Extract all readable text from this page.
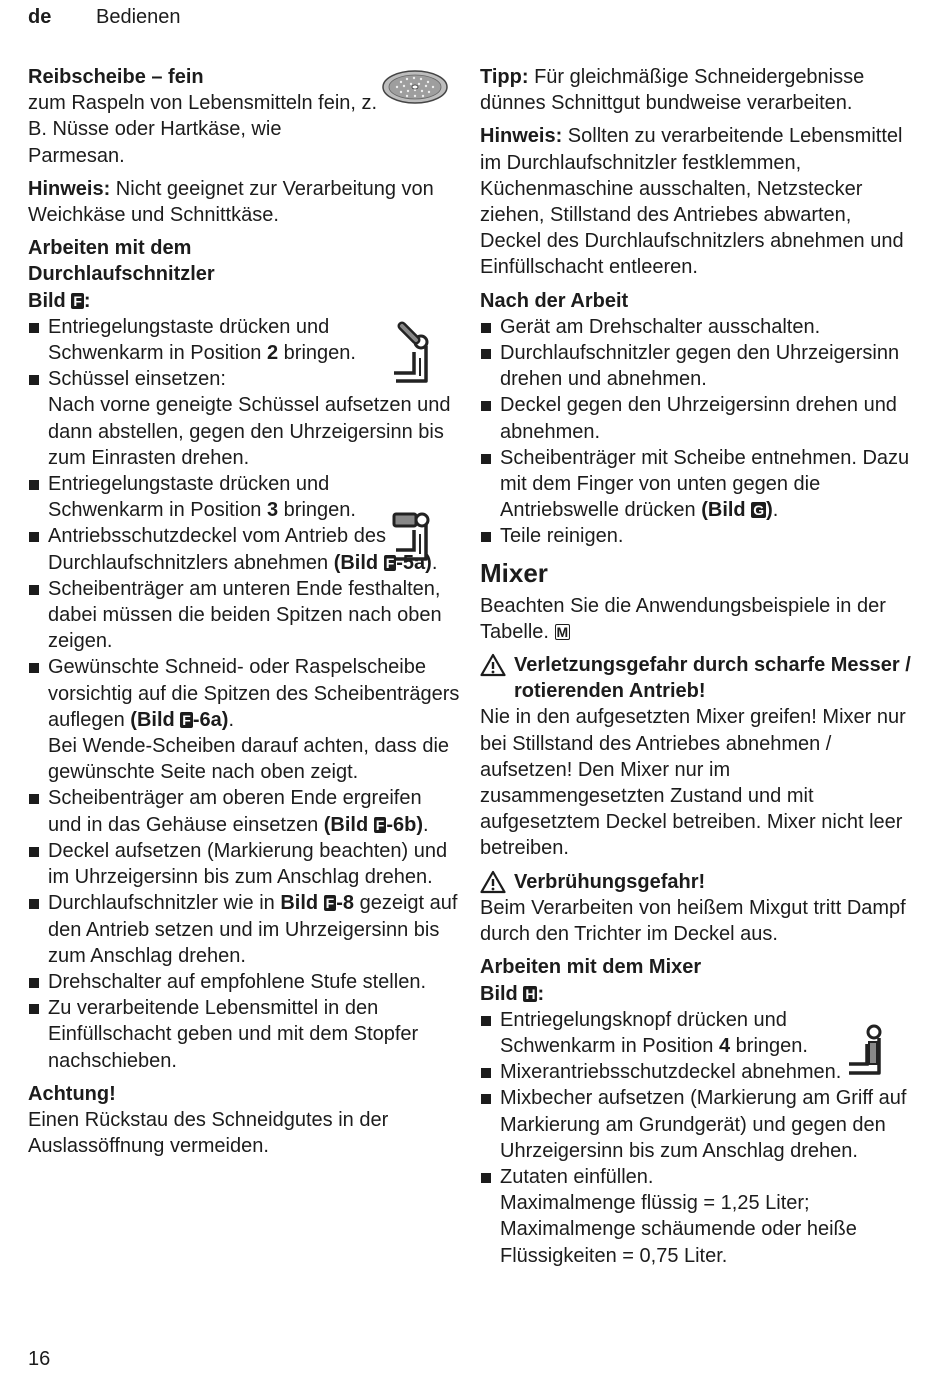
de Bedienen

Reibscheibe – fein
zum Raspeln von Lebensmitteln fein, z. B. Nüsse oder Hartkäse, wie Parmesan.

Hinweis: Nicht geeignet zur Verarbeitung von Weichkäse und Schnittkäse.

Arbeiten mit dem
Durchlaufschnitzler
Bild F :

Entriegelungstaste drücken und Schwenkarm in Position 2 bringen.
Schüssel einsetzen:
Nach vorne geneigte Schüssel aufsetzen und dann abstellen, gegen den Uhrzeigersinn bis zum Einrasten drehen.
Entriegelungstaste drücken und Schwenkarm in Position 3 bringen.
Antriebsschutzdeckel vom Antrieb des Durchlaufschnitzlers abnehmen (Bild F -5a).
Scheibenträger am unteren Ende festhalten, dabei müssen die beiden Spitzen nach oben zeigen.
Gewünschte Schneid- oder Raspelscheibe vorsichtig auf die Spitzen des Scheibenträgers auflegen (Bild F -6a).
Bei Wende-Scheiben darauf achten, dass die gewünschte Seite nach oben zeigt.
Scheibenträger am oberen Ende ergreifen und in das Gehäuse einsetzen (Bild F -6b).
Deckel aufsetzen (Markierung beachten) und im Uhrzeigersinn bis zum Anschlag drehen.
Durchlaufschnitzler wie in Bild F -8 gezeigt auf den Antrieb setzen und im Uhrzeigersinn bis zum Anschlag drehen.
Drehschalter auf empfohlene Stufe stellen.
Zu verarbeitende Lebensmittel in den Einfüllschacht geben und mit dem Stopfer nachschieben.

Achtung!
Einen Rückstau des Schneidgutes in der Auslassöffnung vermeiden.

Tipp: Für gleichmäßige Schneidergebnisse dünnes Schnittgut bundweise verarbeiten.

Hinweis: Sollten zu verarbeitende Lebensmittel im Durchlaufschnitzler festklemmen, Küchenmaschine ausschalten, Netzstecker ziehen, Stillstand des Antriebes abwarten, Deckel des Durchlaufschnitzlers abnehmen und Einfüllschacht entleeren.

Nach der Arbeit

Gerät am Drehschalter ausschalten.
Durchlaufschnitzler gegen den Uhrzeigersinn drehen und abnehmen.
Deckel gegen den Uhrzeigersinn drehen und abnehmen.
Scheibenträger mit Scheibe entnehmen. Dazu mit dem Finger von unten gegen die Antriebswelle drücken (Bild G ).
Teile reinigen.
Mixer

Beachten Sie die Anwendungsbeispiele in der Tabelle. M

Verletzungsgefahr durch scharfe Messer / rotierenden Antrieb!

Nie in den aufgesetzten Mixer greifen! Mixer nur bei Stillstand des Antriebes abnehmen / aufsetzen! Den Mixer nur im zusammengesetzten Zustand und mit aufgesetztem Deckel betreiben. Mixer nicht leer betreiben.

Verbrühungsgefahr!

Beim Verarbeiten von heißem Mixgut tritt Dampf durch den Trichter im Deckel aus.

Arbeiten mit dem Mixer
Bild H :

Entriegelungsknopf drücken und Schwenkarm in Position 4 bringen.
Mixerantriebsschutzdeckel abnehmen.
Mixbecher aufsetzen (Markierung am Griff auf Markierung am Grundgerät) und gegen den Uhrzeigersinn bis zum Anschlag drehen.
Zutaten einfüllen.
Maximalmenge flüssig = 1,25 Liter; Maximalmenge schäumende oder heiße Flüssigkeiten = 0,75 Liter.
16
